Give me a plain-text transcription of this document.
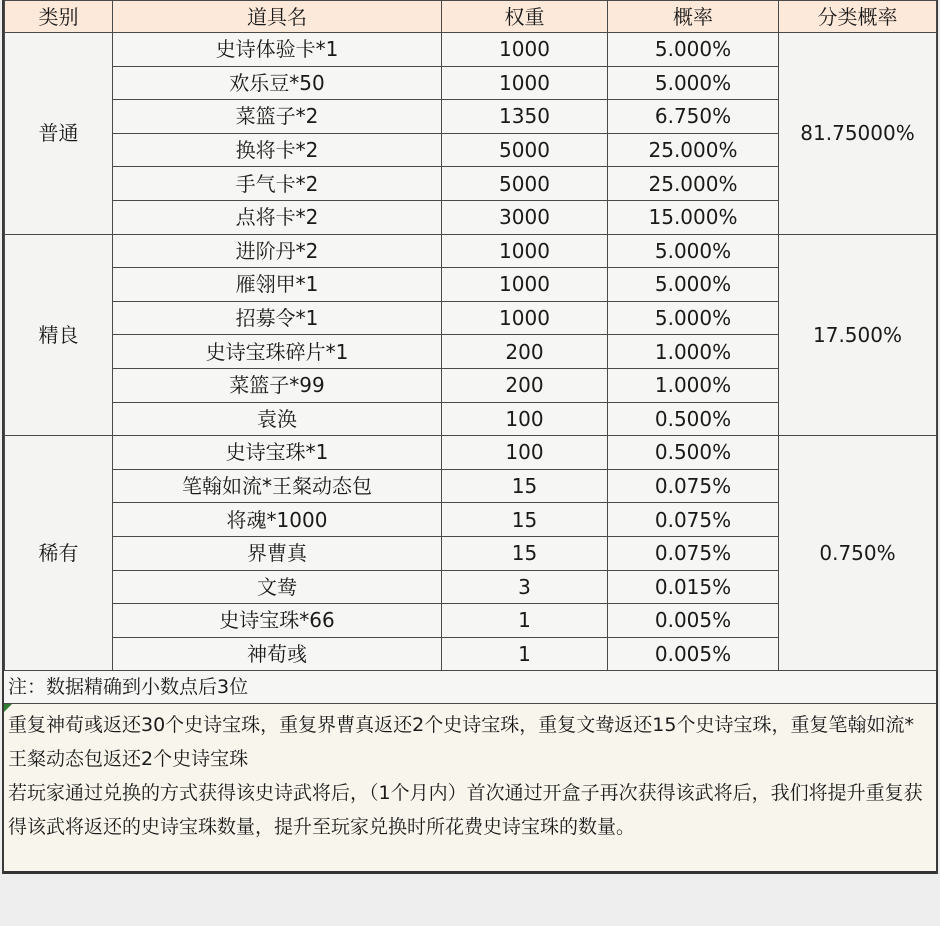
类别	道具名	权重	概率	分类概率
普通	史诗体验卡*1	1000	5.000%	81.75000%
	欢乐豆*50	1000	5.000%	
	菜篮子*2	1350	6.750%	
	换将卡*2	5000	25.000%	
	手气卡*2	5000	25.000%	
	点将卡*2	3000	15.000%	
精良	进阶丹*2	1000	5.000%	17.500%
	雁翎甲*1	1000	5.000%	
	招募令*1	1000	5.000%	
	史诗宝珠碎片*1	200	1.000%	
	菜篮子*99	200	1.000%	
	袁涣	100	0.500%	
稀有	史诗宝珠*1	100	0.500%	0.750%
	笔翰如流*王粲动态包	15	0.075%	
	将魂*1000	15	0.075%	
	界曹真	15	0.075%	
	文鸯	3	0.015%	
	史诗宝珠*66	1	0.005%	
	神荀彧	1	0.005%	
注：数据精确到小数点后3位

重复神荀彧返还30个史诗宝珠，重复界曹真返还2个史诗宝珠，重复文鸯返还15个史诗宝珠，重复笔翰如流*王粲动态包返还2个史诗宝珠

若玩家通过兑换的方式获得该史诗武将后，（1个月内）首次通过开盒子再次获得该武将后，我们将提升重复获得该武将返还的史诗宝珠数量，提升至玩家兑换时所花费史诗宝珠的数量。
